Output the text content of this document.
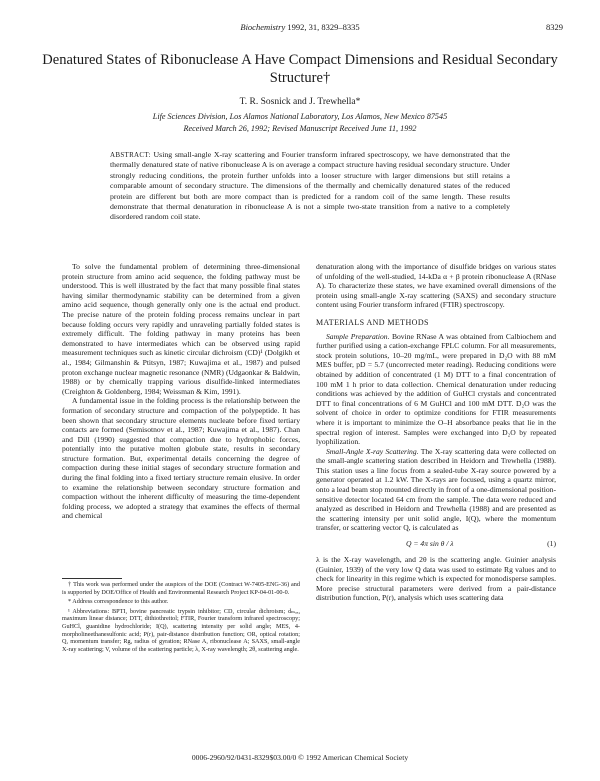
Biochemistry 1992, 31, 8329–8335	8329
Denatured States of Ribonuclease A Have Compact Dimensions and Residual Secondary Structure†
T. R. Sosnick and J. Trewhella*
Life Sciences Division, Los Alamos National Laboratory, Los Alamos, New Mexico 87545
Received March 26, 1992; Revised Manuscript Received June 11, 1992
ABSTRACT: Using small-angle X-ray scattering and Fourier transform infrared spectroscopy, we have demonstrated that the thermally denatured state of native ribonuclease A is on average a compact structure having residual secondary structure. Under strongly reducing conditions, the protein further unfolds into a looser structure with larger dimensions but still retains a comparable amount of secondary structure. The dimensions of the thermally and chemically denatured states of the reduced protein are different but both are more compact than is predicted for a random coil of the same length. These results demonstrate that thermal denaturation in ribonuclease A is not a simple two-state transition from a native to a completely disordered random coil state.

To solve the fundamental problem of determining three-dimensional protein structure from amino acid sequence, the folding pathway must be understood. This is well illustrated by the fact that many possible final states having similar thermodynamic stability can be determined from a given amino acid sequence, though generally only one is the actual end product. The precise nature of the protein folding process remains unclear in part because folding occurs very rapidly and unraveling partially folded states is extremely difficult. The folding pathway in many proteins has been demonstrated to have intermediates which can be observed using rapid measurement techniques such as kinetic circular dichroism (CD)¹ (Dolgikh et al., 1984; Gilmanshin & Ptitsyn, 1987; Kuwajima et al., 1987) and pulsed proton exchange nuclear magnetic resonance (NMR) (Udgaonkar & Baldwin, 1988) or by chemically trapping various disulfide-linked intermediates (Creighton & Goldenberg, 1984; Weissman & Kim, 1991).

A fundamental issue in the folding process is the relationship between the formation of secondary structure and compaction of the polypeptide. It has been shown that secondary structure elements nucleate before fixed tertiary contacts are formed (Semisotnov et al., 1987; Kuwajima et al., 1987). Chan and Dill (1990) suggested that compaction due to hydrophobic forces, potentially into the putative molten globule state, results in secondary structure formation. But, experimental details concerning the degree of compaction during these initial stages of secondary structure formation and during the final folding into a fixed tertiary structure remain elusive. In order to examine the relationship between secondary structure formation and compaction without the inherent difficulty of measuring the time-dependent folding process, we adopted a strategy that examines the effects of thermal and chemical

† This work was performed under the auspices of the DOE (Contract W-7405-ENG-36) and is supported by DOE/Office of Health and Environmental Research Project KP-04-01-00-0.

* Address correspondence to this author.

¹ Abbreviations: BPTI, bovine pancreatic trypsin inhibitor; CD, circular dichroism; dₘₐₓ, maximum linear distance; DTT, dithiothreitol; FTIR, Fourier transform infrared spectroscopy; GuHCl, guanidine hydrochloride; I(Q), scattering intensity per solid angle; MES, 4-morpholineethanesulfonic acid; P(r), pair-distance distribution function; OR, optical rotation; Q, momentum transfer; Rg, radius of gyration; RNase A, ribonuclease A; SAXS, small-angle X-ray scattering; V, volume of the scattering particle; λ, X-ray wavelength; 2θ, scattering angle.

denaturation along with the importance of disulfide bridges on various states of unfolding of the well-studied, 14-kDa α + β protein ribonuclease A (RNase A). To characterize these states, we have examined overall dimensions of the protein using small-angle X-ray scattering (SAXS) and secondary structure content using Fourier transform infrared (FTIR) spectroscopy.

MATERIALS AND METHODS

Sample Preparation. Bovine RNase A was obtained from Calbiochem and further purified using a cation-exchange FPLC column. For all measurements, stock protein solutions, 10–20 mg/mL, were prepared in D₂O with 88 mM MES buffer, pD = 5.7 (uncorrected meter reading). Reducing conditions were obtained by addition of concentrated (1 M) DTT to a final concentration of 100 mM 1 h prior to data collection. Chemical denaturation under reducing conditions was achieved by the addition of GuHCl crystals and concentrated DTT to final concentrations of 6 M GuHCl and 100 mM DTT. D₂O was the solvent of choice in order to optimize conditions for FTIR measurements where it is important to minimize the O–H absorbance peaks that lie in the spectral region of interest. Samples were exchanged into D₂O by repeated lyophilization.

Small-Angle X-ray Scattering. The X-ray scattering data were collected on the small-angle scattering station described in Heidorn and Trewhella (1988). This station uses a line focus from a sealed-tube X-ray source powered by a generator operated at 1.2 kW. The X-rays are focused, using a quartz mirror, onto a lead beam stop mounted directly in front of a one-dimensional position-sensitive detector located 64 cm from the sample. The data were reduced and analyzed as described in Heidorn and Trewhella (1988) and are presented as the scattering intensity per unit solid angle, I(Q), where the momentum transfer, or scattering vector Q, is calculated as

Q = 4π sin θ / λ	(1)

λ is the X-ray wavelength, and 2θ is the scattering angle. Guinier analysis (Guinier, 1939) of the very low Q data was used to estimate Rg values and to check for linearity in this regime which is expected for monodisperse samples. More precise structural parameters were derived from a pair-distance distribution function, P(r), analysis which uses scattering data

0006-2960/92/0431-8329$03.00/0 © 1992 American Chemical Society
